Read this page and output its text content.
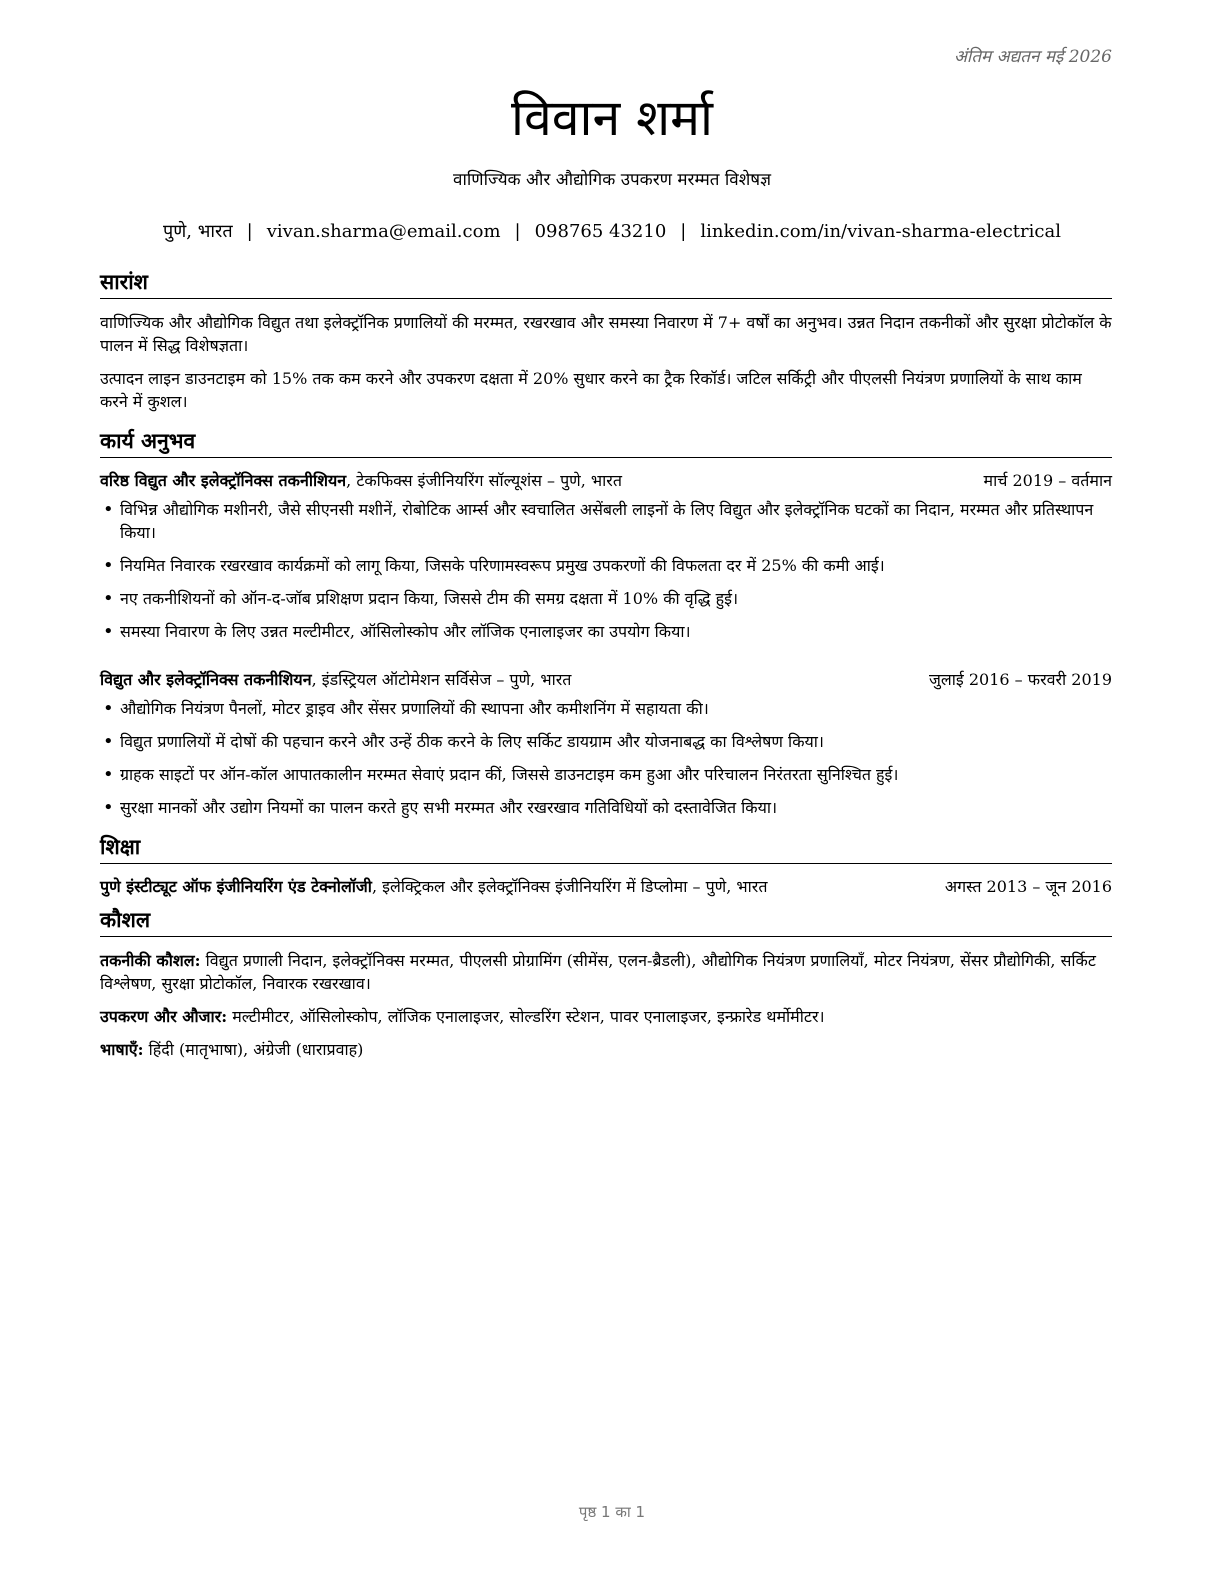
अंतिम अद्यतन मई 2026
विवान शर्मा
वाणिज्यिक और औद्योगिक उपकरण मरम्मत विशेषज्ञ
पुणे, भारत | vivan.sharma@email.com | 098765 43210 | linkedin.com/in/vivan-sharma-electrical
सारांश

वाणिज्यिक और औद्योगिक विद्युत तथा इलेक्ट्रॉनिक प्रणालियों की मरम्मत, रखरखाव और समस्या निवारण में 7+ वर्षों का अनुभव। उन्नत निदान तकनीकों और सुरक्षा प्रोटोकॉल के पालन में सिद्ध विशेषज्ञता।

उत्पादन लाइन डाउनटाइम को 15% तक कम करने और उपकरण दक्षता में 20% सुधार करने का ट्रैक रिकॉर्ड। जटिल सर्किट्री और पीएलसी नियंत्रण प्रणालियों के साथ काम करने में कुशल।

कार्य अनुभव
वरिष्ठ विद्युत और इलेक्ट्रॉनिक्स तकनीशियन, टेकफिक्स इंजीनियरिंग सॉल्यूशंस – पुणे, भारत	मार्च 2019 – वर्तमान
• विभिन्न औद्योगिक मशीनरी, जैसे सीएनसी मशीनें, रोबोटिक आर्म्स और स्वचालित असेंबली लाइनों के लिए विद्युत और इलेक्ट्रॉनिक घटकों का निदान, मरम्मत और प्रतिस्थापन किया।
• नियमित निवारक रखरखाव कार्यक्रमों को लागू किया, जिसके परिणामस्वरूप प्रमुख उपकरणों की विफलता दर में 25% की कमी आई।
• नए तकनीशियनों को ऑन-द-जॉब प्रशिक्षण प्रदान किया, जिससे टीम की समग्र दक्षता में 10% की वृद्धि हुई।
• समस्या निवारण के लिए उन्नत मल्टीमीटर, ऑसिलोस्कोप और लॉजिक एनालाइजर का उपयोग किया।
विद्युत और इलेक्ट्रॉनिक्स तकनीशियन, इंडस्ट्रियल ऑटोमेशन सर्विसेज – पुणे, भारत	जुलाई 2016 – फरवरी 2019
• औद्योगिक नियंत्रण पैनलों, मोटर ड्राइव और सेंसर प्रणालियों की स्थापना और कमीशनिंग में सहायता की।
• विद्युत प्रणालियों में दोषों की पहचान करने और उन्हें ठीक करने के लिए सर्किट डायग्राम और योजनाबद्ध का विश्लेषण किया।
• ग्राहक साइटों पर ऑन-कॉल आपातकालीन मरम्मत सेवाएं प्रदान कीं, जिससे डाउनटाइम कम हुआ और परिचालन निरंतरता सुनिश्चित हुई।
• सुरक्षा मानकों और उद्योग नियमों का पालन करते हुए सभी मरम्मत और रखरखाव गतिविधियों को दस्तावेजित किया।
शिक्षा
पुणे इंस्टीट्यूट ऑफ इंजीनियरिंग एंड टेक्नोलॉजी, इलेक्ट्रिकल और इलेक्ट्रॉनिक्स इंजीनियरिंग में डिप्लोमा – पुणे, भारत	अगस्त 2013 – जून 2016
कौशल
तकनीकी कौशल: विद्युत प्रणाली निदान, इलेक्ट्रॉनिक्स मरम्मत, पीएलसी प्रोग्रामिंग (सीमेंस, एलन-ब्रैडली), औद्योगिक नियंत्रण प्रणालियाँ, मोटर नियंत्रण, सेंसर प्रौद्योगिकी, सर्किट विश्लेषण, सुरक्षा प्रोटोकॉल, निवारक रखरखाव।
उपकरण और औजार: मल्टीमीटर, ऑसिलोस्कोप, लॉजिक एनालाइजर, सोल्डरिंग स्टेशन, पावर एनालाइजर, इन्फ्रारेड थर्मोमीटर।
भाषाएँ: हिंदी (मातृभाषा), अंग्रेजी (धाराप्रवाह)
पृष्ठ 1 का 1
